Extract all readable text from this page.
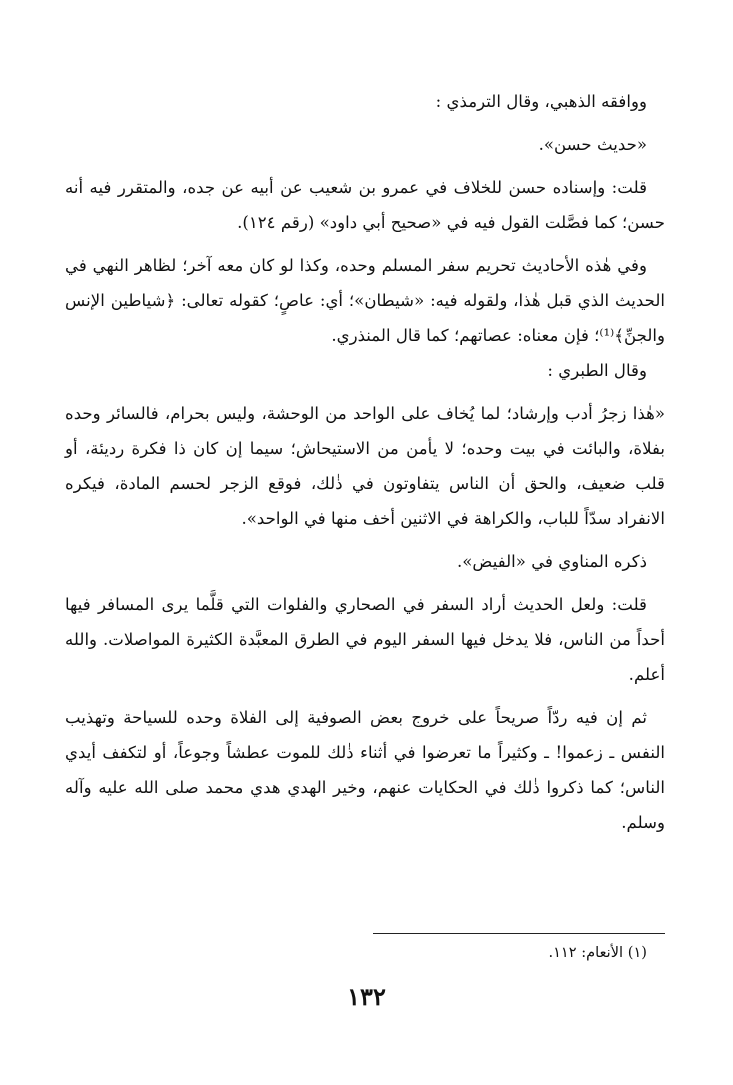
ووافقه الذهبي، وقال الترمذي :

«حديث حسن».

قلت: وإسناده حسن للخلاف في عمرو بن شعيب عن أبيه عن جده، والمتقرر فيه أنه حسن؛ كما فصَّلت القول فيه في «صحيح أبي داود» (رقم ١٢٤).

وفي هٰذه الأحاديث تحريم سفر المسلم وحده، وكذا لو كان معه آخر؛ لظاهر النهي في الحديث الذي قبل هٰذا، ولقوله فيه: «شيطان»؛ أي: عاصٍ؛ كقوله تعالى: ﴿شياطين الإنس والجنِّ﴾⁽¹⁾؛ فإن معناه: عصاتهم؛ كما قال المنذري.

وقال الطبري :

«هٰذا زجرُ أدب وإرشاد؛ لما يُخاف على الواحد من الوحشة، وليس بحرام، فالسائر وحده بفلاة، والبائت في بيت وحده؛ لا يأمن من الاستيحاش؛ سيما إن كان ذا فكرة رديئة، أو قلب ضعيف، والحق أن الناس يتفاوتون في ذٰلك، فوقع الزجر لحسم المادة، فيكره الانفراد سدّاً للباب، والكراهة في الاثنين أخف منها في الواحد».

ذكره المناوي في «الفيض».

قلت: ولعل الحديث أراد السفر في الصحاري والفلوات التي قلَّما يرى المسافر فيها أحداً من الناس، فلا يدخل فيها السفر اليوم في الطرق المعبَّدة الكثيرة المواصلات. والله أعلم.

ثم إن فيه ردّاً صريحاً على خروج بعض الصوفية إلى الفلاة وحده للسياحة وتهذيب النفس ـ زعموا! ـ وكثيراً ما تعرضوا في أثناء ذٰلك للموت عطشاً وجوعاً، أو لتكفف أيدي الناس؛ كما ذكروا ذٰلك في الحكايات عنهم، وخير الهدي هدي محمد صلى الله عليه وآله وسلم.

(١) الأنعام: ١١٢.
١٣٢
